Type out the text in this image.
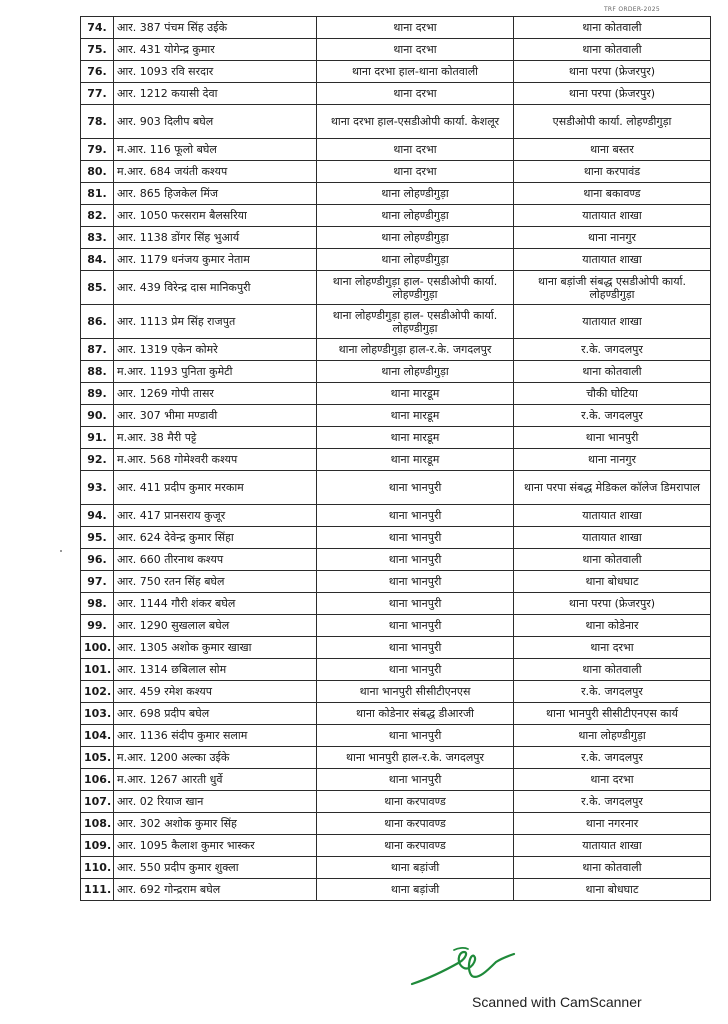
TRF ORDER-2025
74.	आर. 387 पंचम सिंह उईके	थाना दरभा	थाना कोतवाली
75.	आर. 431 योगेन्द्र कुमार	थाना दरभा	थाना कोतवाली
76.	आर. 1093 रवि सरदार	थाना दरभा हाल-थाना कोतवाली	थाना परपा (फ्रेजरपुर)
77.	आर. 1212 कयासी देवा	थाना दरभा	थाना परपा (फ्रेजरपुर)
78.	आर. 903 दिलीप बघेल	थाना दरभा हाल-एसडीओपी कार्या. केशलूर	एसडीओपी कार्या. लोहण्डीगुड़ा
79.	म.आर. 116 फूलो बघेल	थाना दरभा	थाना बस्तर
80.	म.आर. 684 जयंती कश्यप	थाना दरभा	थाना करपावंड
81.	आर. 865 हिजकेल मिंज	थाना लोहण्डीगुड़ा	थाना बकावण्ड
82.	आर. 1050 फरसराम बैलसरिया	थाना लोहण्डीगुड़ा	यातायात शाखा
83.	आर. 1138 डोंगर सिंह भुआर्य	थाना लोहण्डीगुड़ा	थाना नानगुर
84.	आर. 1179 धनंजय कुमार नेताम	थाना लोहण्डीगुड़ा	यातायात शाखा
85.	आर. 439 विरेन्द्र दास मानिकपुरी	थाना लोहण्डीगुड़ा हाल- एसडीओपी कार्या. लोहण्डीगुड़ा	थाना बड़ांजी संबद्ध एसडीओपी कार्या. लोहण्डीगुड़ा
86.	आर. 1113 प्रेम सिंह राजपुत	थाना लोहण्डीगुड़ा हाल- एसडीओपी कार्या. लोहण्डीगुड़ा	यातायात शाखा
87.	आर. 1319 एकेन कोमरे	थाना लोहण्डीगुड़ा हाल-र.के. जगदलपुर	र.के. जगदलपुर
88.	म.आर. 1193 पुनिता कुमेटी	थाना लोहण्डीगुड़ा	थाना कोतवाली
89.	आर. 1269 गोपी तासर	थाना मारडूम	चौकी घोटिया
90.	आर. 307 भीमा मण्डावी	थाना मारडूम	र.के. जगदलपुर
91.	म.आर. 38 मैरी पट्टे	थाना मारडूम	थाना भानपुरी
92.	म.आर. 568 गोमेश्वरी कश्यप	थाना मारडूम	थाना नानगुर
93.	आर. 411 प्रदीप कुमार मरकाम	थाना भानपुरी	थाना परपा संबद्ध मेडिकल कॉलेज डिमरापाल
94.	आर. 417 प्रानसराय कुजूर	थाना भानपुरी	यातायात शाखा
95.	आर. 624 देवेन्द्र कुमार सिंहा	थाना भानपुरी	यातायात शाखा
96.	आर. 660 तीरनाथ कश्यप	थाना भानपुरी	थाना कोतवाली
97.	आर. 750 रतन सिंह बघेल	थाना भानपुरी	थाना बोधघाट
98.	आर. 1144 गौरी शंकर बघेल	थाना भानपुरी	थाना परपा (फ्रेजरपुर)
99.	आर. 1290 सुखलाल बघेल	थाना भानपुरी	थाना कोडेनार
100.	आर. 1305 अशोक कुमार खाखा	थाना भानपुरी	थाना दरभा
101.	आर. 1314 छबिलाल सोम	थाना भानपुरी	थाना कोतवाली
102.	आर. 459 रमेश कश्यप	थाना भानपुरी सीसीटीएनएस	र.के. जगदलपुर
103.	आर. 698 प्रदीप बघेल	थाना कोडेनार संबद्ध डीआरजी	थाना भानपुरी सीसीटीएनएस कार्य
104.	आर. 1136 संदीप कुमार सलाम	थाना भानपुरी	थाना लोहण्डीगुड़ा
105.	म.आर. 1200 अल्का उईके	थाना भानपुरी हाल-र.के. जगदलपुर	र.के. जगदलपुर
106.	म.आर. 1267 आरती धुर्वे	थाना भानपुरी	थाना दरभा
107.	आर. 02 रियाज खान	थाना करपावण्ड	र.के. जगदलपुर
108.	आर. 302 अशोक कुमार सिंह	थाना करपावण्ड	थाना नगरनार
109.	आर. 1095 कैलाश कुमार भास्कर	थाना करपावण्ड	यातायात शाखा
110.	आर. 550 प्रदीप कुमार शुक्ला	थाना बड़ांजी	थाना कोतवाली
111.	आर. 692 गोन्द्रराम बघेल	थाना बड़ांजी	थाना बोधघाट
Scanned with CamScanner
